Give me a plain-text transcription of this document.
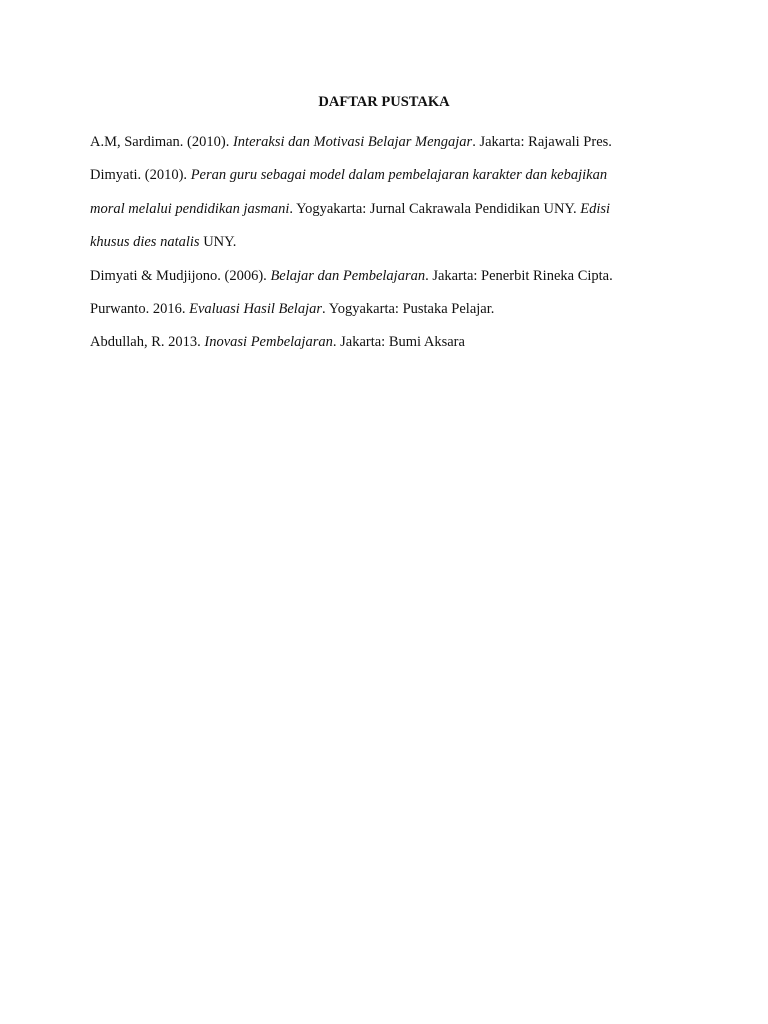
DAFTAR PUSTAKA

A.M, Sardiman. (2010). Interaksi dan Motivasi Belajar Mengajar. Jakarta: Rajawali Pres.

Dimyati. (2010). Peran guru sebagai model dalam pembelajaran karakter dan kebajikan moral melalui pendidikan jasmani. Yogyakarta: Jurnal Cakrawala Pendidikan UNY. Edisi khusus dies natalis UNY.

Dimyati & Mudjijono. (2006). Belajar dan Pembelajaran. Jakarta: Penerbit Rineka Cipta.

Purwanto. 2016. Evaluasi Hasil Belajar. Yogyakarta: Pustaka Pelajar.

Abdullah, R. 2013. Inovasi Pembelajaran. Jakarta: Bumi Aksara
